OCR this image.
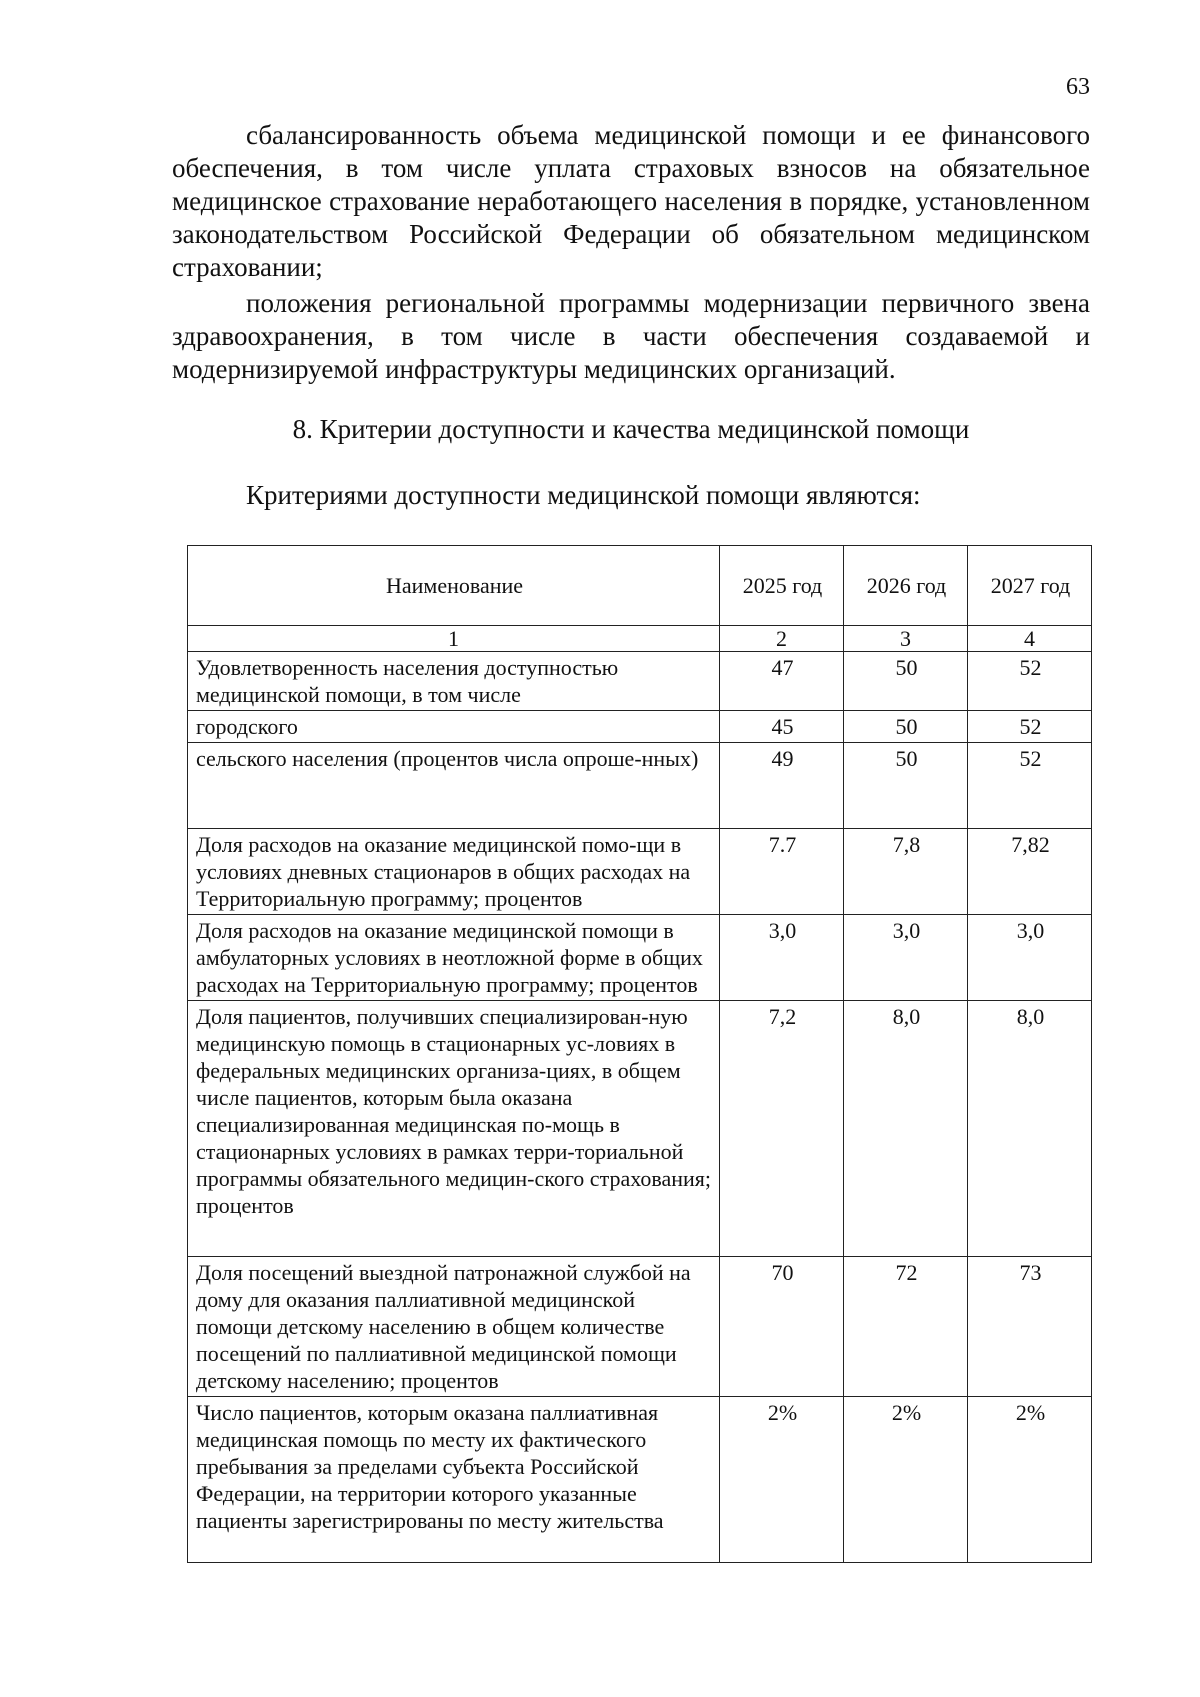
63

сбалансированность объема медицинской помощи и ее финансового обеспечения, в том числе уплата страховых взносов на обязательное медицинское страхование неработающего населения в порядке, установленном законодательством Российской Федерации об обязательном медицинском страховании;

положения региональной программы модернизации первичного звена здравоохранения, в том числе в части обеспечения создаваемой и модернизируемой инфраструктуры медицинских организаций.

8. Критерии доступности и качества медицинской помощи

Критериями доступности медицинской помощи являются:

Наименование	2025 год	2026 год	2027 год
1	2	3	4
Удовлетворенность населения доступностью медицинской помощи, в том числе	47	50	52
городского	45	50	52
сельского населения (процентов числа опроше-нных)	49	50	52
Доля расходов на оказание медицинской помо-щи в условиях дневных стационаров в общих расходах на Территориальную программу; процентов	7.7	7,8	7,82
Доля расходов на оказание медицинской помощи в амбулаторных условиях в неотложной форме в общих расходах на Территориальную программу; процентов	3,0	3,0	3,0
Доля пациентов, получивших специализирован-ную медицинскую помощь в стационарных ус-ловиях в федеральных медицинских организа-циях, в общем числе пациентов, которым была оказана специализированная медицинская по-мощь в стационарных условиях в рамках терри-ториальной программы обязательного медицин-ского страхования; процентов	7,2	8,0	8,0
Доля посещений выездной патронажной службой на дому для оказания паллиативной медицинской помощи детскому населению в общем количестве посещений по паллиативной медицинской помощи детскому населению; процентов	70	72	73
Число пациентов, которым оказана паллиативная медицинская помощь по месту их фактического пребывания за пределами субъекта Российской Федерации, на территории которого указанные пациенты зарегистрированы по месту жительства	2%	2%	2%
